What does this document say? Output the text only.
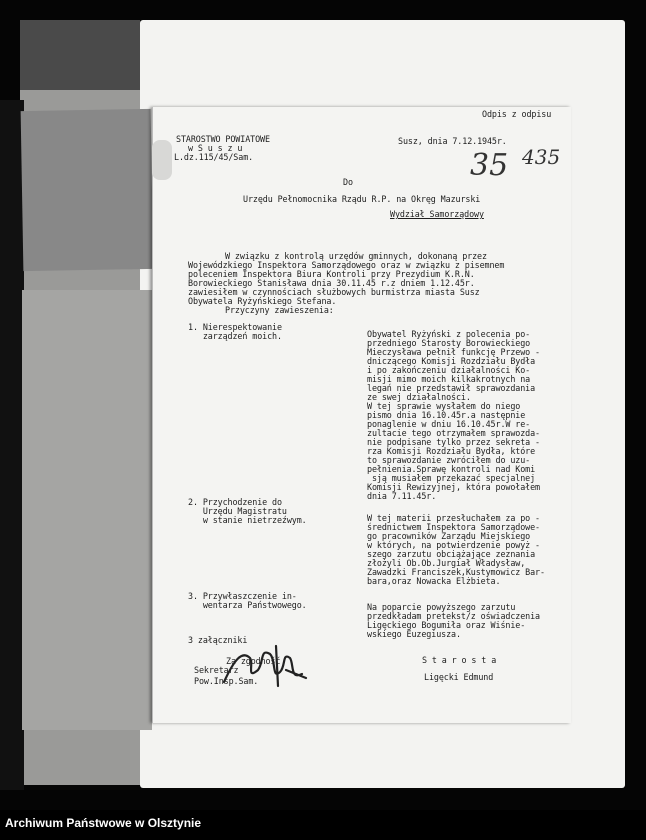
Odpis z odpisu

STAROSTWO POWIATOWE

w S u s z u

L.dz.115/45/Sam.

Susz, dnia 7.12.1945r.

435

35

Do

Urzędu Pełnomocnika Rządu R.P. na Okręg Mazurski

Wydział Samorządowy

W związku z kontrolą urzędów gminnych, dokonaną przez

Wojewódzkiego Inspektora Samorządowego oraz w związku z pisemnem

poleceniem Inspektora Biura Kontroli przy Prezydium K.R.N.

Borowieckiego Stanisława dnia 30.11.45 r.z dniem 1.12.45r.

zawiesiłem w czynnościach służbowych burmistrza miasta Susz

Obywatela Ryżyńskiego Stefana.

Przyczyny zawieszenia:

1. Nierespektowanie

zarządzeń moich.	Obywatel Ryżyński z polecenia po-

przedniego Starosty Borowieckiego

Mieczysława pełnił funkcję Przewo -

dniczącego Komisji Rozdziału Bydła

i po zakończeniu działalności Ko-

misji mimo moich kilkakrotnych na

legań nie przedstawił sprawozdania

ze swej działalności.

W tej sprawie wysłałem do niego

pismo dnia 16.10.45r.a następnie

ponaglenie w dniu 16.10.45r.W re-

zultacie tego otrzymałem sprawozda-

nie podpisane tylko przez sekreta -

rza Komisji Rozdziału Bydła, które

to sprawozdanie zwróciłem do uzu-

pełnienia.Sprawę kontroli nad Komi

sją musiałem przekazać specjalnej

Komisji Rewizyjnej, która powołałem

dnia 7.11.45r.

2. Przychodzenie do

Urzędu Magistratu

w stanie nietrzeźwym.	W tej materii przesłuchałem za po -

średnictwem Inspektora Samorządowe-

go pracowników Zarządu Miejskiego

w których, na potwierdzenie powyż -

szego zarzutu obciążające zeznania

złożyli Ob.Ob.Jurgiał Władysław,

Zawadzki Franciszek,Kustymowicz Bar-

bara,oraz Nowacka Elżbieta.

3. Przywłaszczenie in-

wentarza Państwowego.	Na poparcie powyższego zarzutu

przedkładam pretekst/z oświadczenia

Ligęckiego Bogumiła oraz Wiśnie-

wskiego Euzegiusza.

3 załączniki

Za zgodność

Sekretarz

Pow.Insp.Sam.

S t a r o s t a

Ligęcki Edmund

Archiwum Państwowe w Olsztynie
